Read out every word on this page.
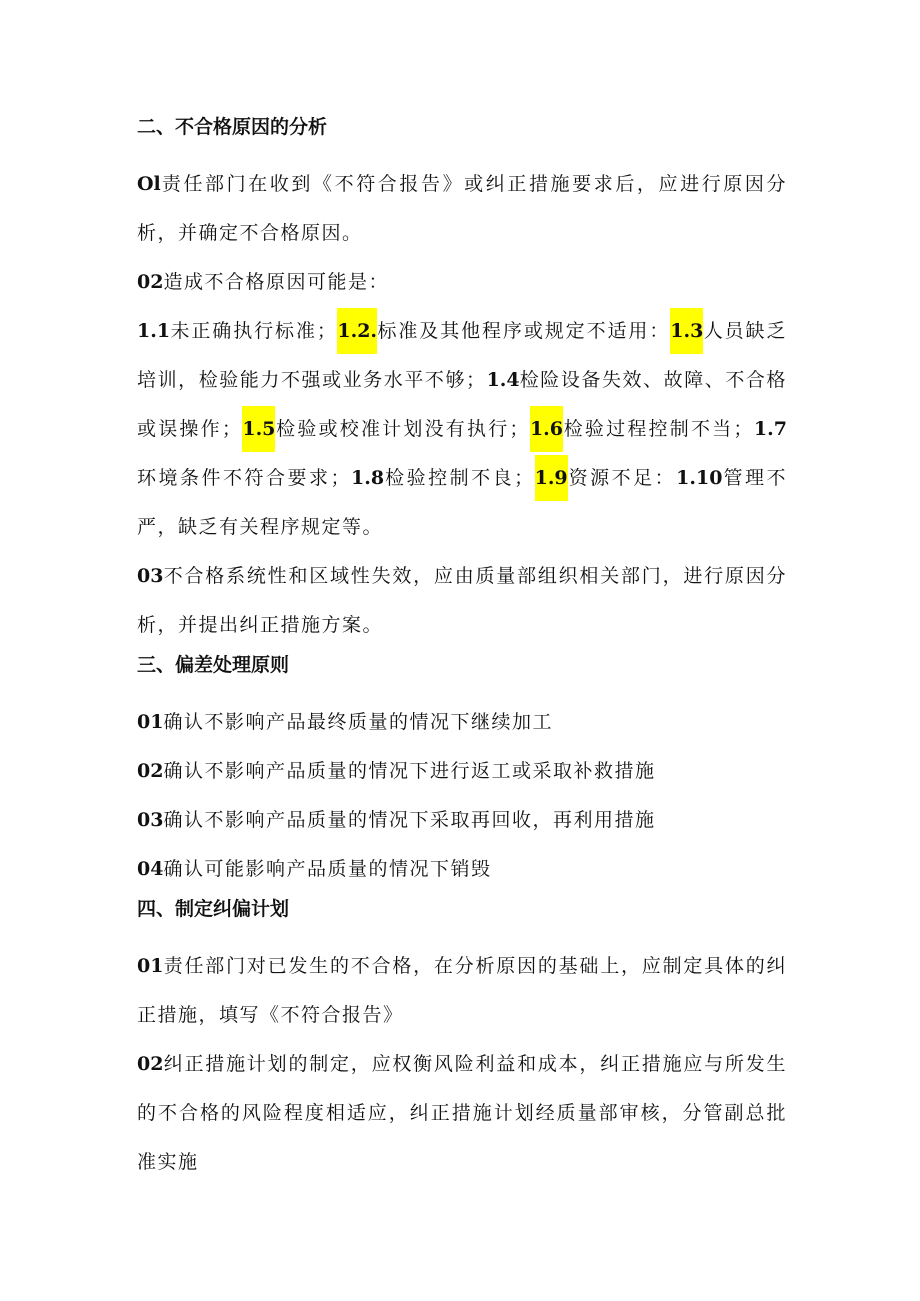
二、不合格原因的分析

Ol责任部门在收到《不符合报告》或纠正措施要求后，应进行原因分析，并确定不合格原因。

02造成不合格原因可能是：

1.1未正确执行标准；1.2.标准及其他程序或规定不适用：1.3人员缺乏培训，检验能力不强或业务水平不够；1.4检险设备失效、故障、不合格或误操作；1.5检验或校准计划没有执行；1.6检验过程控制不当；1.7环境条件不符合要求；1.8检验控制不良；1.9资源不足：1.10管理不严，缺乏有关程序规定等。

03不合格系统性和区域性失效，应由质量部组织相关部门，进行原因分析，并提出纠正措施方案。

三、偏差处理原则

01确认不影响产品最终质量的情况下继续加工

02确认不影响产品质量的情况下进行返工或采取补救措施

03确认不影响产品质量的情况下采取再回收，再利用措施

04确认可能影响产品质量的情况下销毁

四、制定纠偏计划

01责任部门对已发生的不合格，在分析原因的基础上，应制定具体的纠正措施，填写《不符合报告》

02纠正措施计划的制定，应权衡风险利益和成本，纠正措施应与所发生的不合格的风险程度相适应，纠正措施计划经质量部审核，分管副总批准实施
